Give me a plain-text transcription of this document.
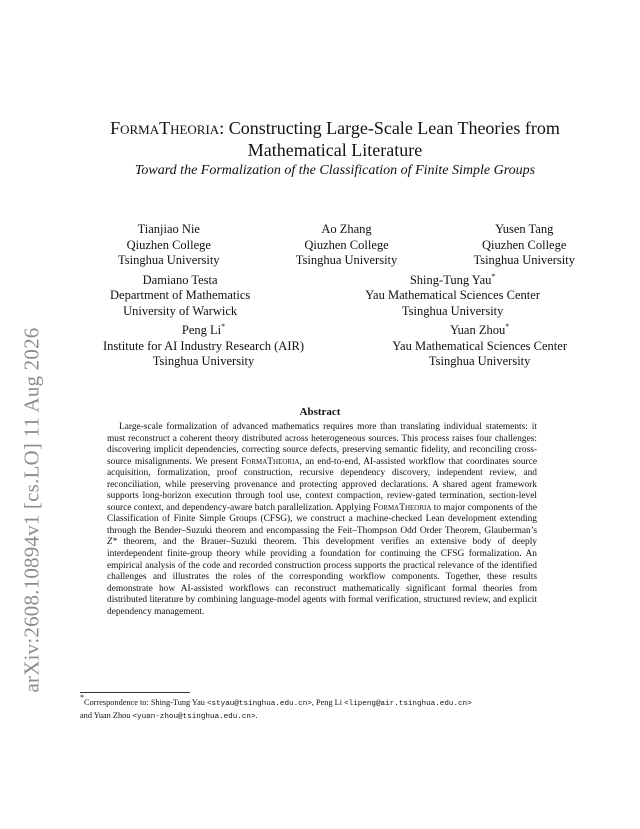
arXiv:2608.10894v1 [cs.LO] 11 Aug 2026
FormaTheoria: Constructing Large-Scale Lean Theories from
Mathematical Literature
Toward the Formalization of the Classification of Finite Simple Groups
Tianjiao Nie
Qiuzhen College
Tsinghua University
Ao Zhang
Qiuzhen College
Tsinghua University
Yusen Tang
Qiuzhen College
Tsinghua University
Damiano Testa
Department of Mathematics
University of Warwick
Shing-Tung Yau*
Yau Mathematical Sciences Center
Tsinghua University
Peng Li*
Institute for AI Industry Research (AIR)
Tsinghua University
Yuan Zhou*
Yau Mathematical Sciences Center
Tsinghua University
Abstract
Large-scale formalization of advanced mathematics requires more than translating individual statements: it must reconstruct a coherent theory distributed across heterogeneous sources. This process raises four challenges: discovering implicit dependencies, correcting source defects, preserving semantic fidelity, and reconciling cross-source misalignments. We present FormaTheoria, an end-to-end, AI-assisted workflow that coordinates source acquisition, formalization, proof construction, recursive dependency discovery, independent review, and reconciliation, while preserving provenance and protecting approved declarations. A shared agent framework supports long-horizon execution through tool use, context compaction, review-gated termination, section-level source context, and dependency-aware batch parallelization. Applying FormaTheoria to major components of the Classification of Finite Simple Groups (CFSG), we construct a machine-checked Lean development extending through the Bender–Suzuki theorem and encompassing the Feit–Thompson Odd Order Theorem, Glauberman’s Z* theorem, and the Brauer–Suzuki theorem. This development verifies an extensive body of deeply interdependent finite-group theory while providing a foundation for continuing the CFSG formalization. An empirical analysis of the code and recorded construction process supports the practical relevance of the identified challenges and illustrates the roles of the corresponding workflow components. Together, these results demonstrate how AI-assisted workflows can reconstruct mathematically significant formal theories from distributed literature by combining language-model agents with formal verification, structured review, and explicit dependency management.
*Correspondence to: Shing-Tung Yau <styau@tsinghua.edu.cn>, Peng Li <lipeng@air.tsinghua.edu.cn>
and Yuan Zhou <yuan-zhou@tsinghua.edu.cn>.
